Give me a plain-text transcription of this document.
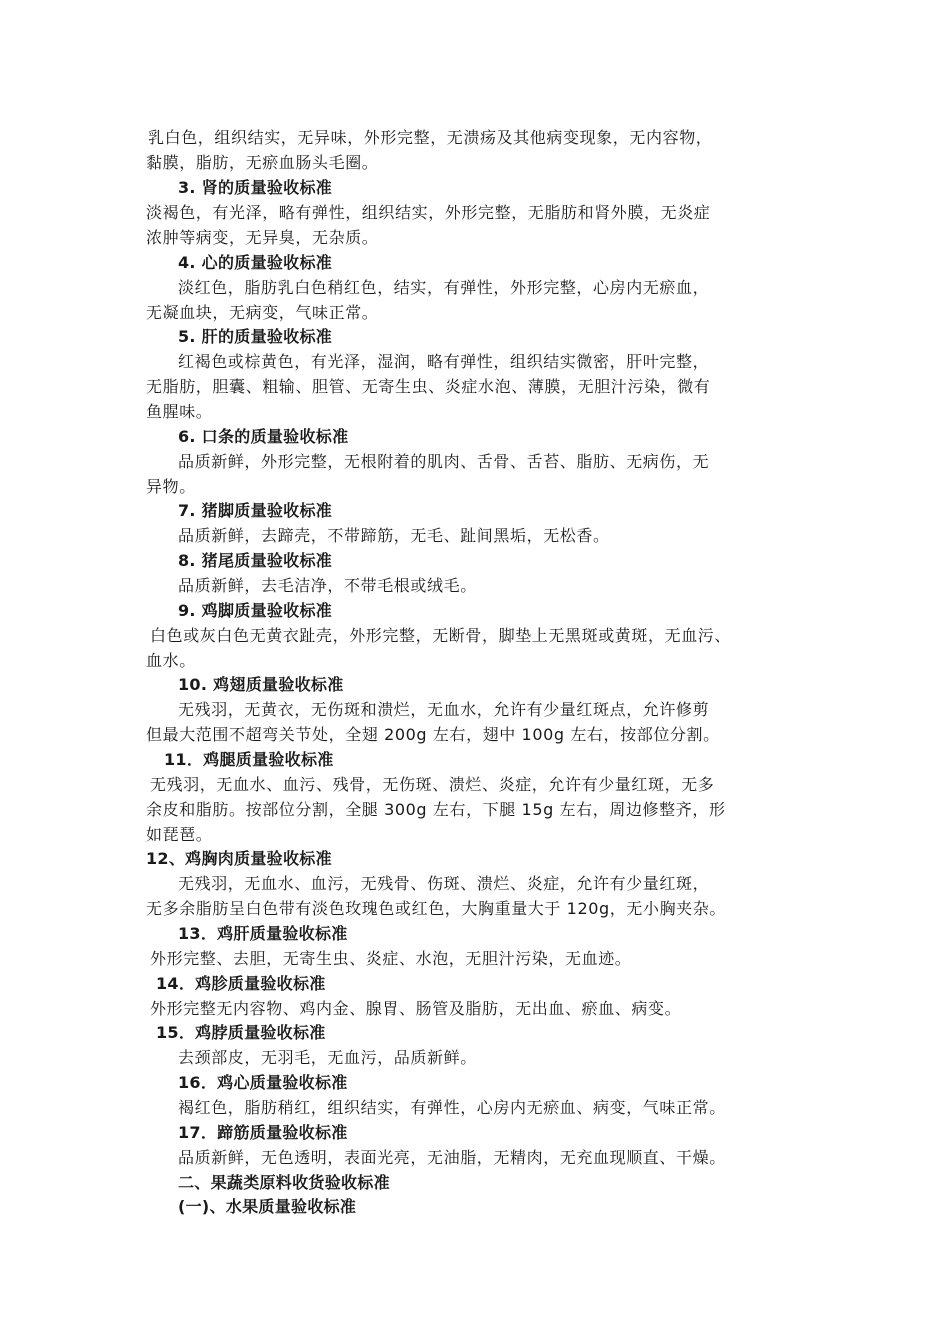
乳白色，组织结实，无异味，外形完整，无溃疡及其他病变现象，无内容物，
黏膜，脂肪，无瘀血肠头毛圈。
3. 肾的质量验收标准
淡褐色，有光泽，略有弹性，组织结实，外形完整，无脂肪和肾外膜，无炎症
浓肿等病变，无异臭，无杂质。
4. 心的质量验收标准
淡红色，脂肪乳白色稍红色，结实，有弹性，外形完整，心房内无瘀血，
无凝血块，无病变，气味正常。
5. 肝的质量验收标准
红褐色或棕黄色，有光泽，湿润，略有弹性，组织结实微密，肝叶完整，
无脂肪，胆囊、粗输、胆管、无寄生虫、炎症水泡、薄膜，无胆汁污染，微有
鱼腥味。
6. 口条的质量验收标准
品质新鲜，外形完整，无根附着的肌肉、舌骨、舌苔、脂肪、无病伤，无
异物。
7. 猪脚质量验收标准
品质新鲜，去蹄壳，不带蹄筋，无毛、趾间黑垢，无松香。
8. 猪尾质量验收标准
品质新鲜，去毛洁净，不带毛根或绒毛。
9. 鸡脚质量验收标准
白色或灰白色无黄衣趾壳，外形完整，无断骨，脚垫上无黑斑或黄斑，无血污、
血水。
10. 鸡翅质量验收标准
无残羽，无黄衣，无伤斑和溃烂，无血水，允许有少量红斑点，允许修剪
但最大范围不超弯关节处，全翅 200g 左右，翅中 100g 左右，按部位分割。
11．鸡腿质量验收标准
无残羽，无血水、血污、残骨，无伤斑、溃烂、炎症，允许有少量红斑，无多
余皮和脂肪。按部位分割，全腿 300g 左右，下腿 15g 左右，周边修整齐，形
如琵琶。
12、鸡胸肉质量验收标准
无残羽，无血水、血污，无残骨、伤斑、溃烂、炎症，允许有少量红斑，
无多余脂肪呈白色带有淡色玫瑰色或红色，大胸重量大于 120g，无小胸夹杂。
13．鸡肝质量验收标准
外形完整、去胆，无寄生虫、炎症、水泡，无胆汁污染，无血迹。
14．鸡胗质量验收标准
外形完整无内容物、鸡内金、腺胃、肠管及脂肪，无出血、瘀血、病变。
15．鸡脖质量验收标准
去颈部皮，无羽毛，无血污，品质新鲜。
16．鸡心质量验收标准
褐红色，脂肪稍红，组织结实，有弹性，心房内无瘀血、病变，气味正常。
17．蹄筋质量验收标准
品质新鲜，无色透明，表面光亮，无油脂，无精肉，无充血现顺直、干燥。
二、果蔬类原料收货验收标准
(一)、水果质量验收标准
